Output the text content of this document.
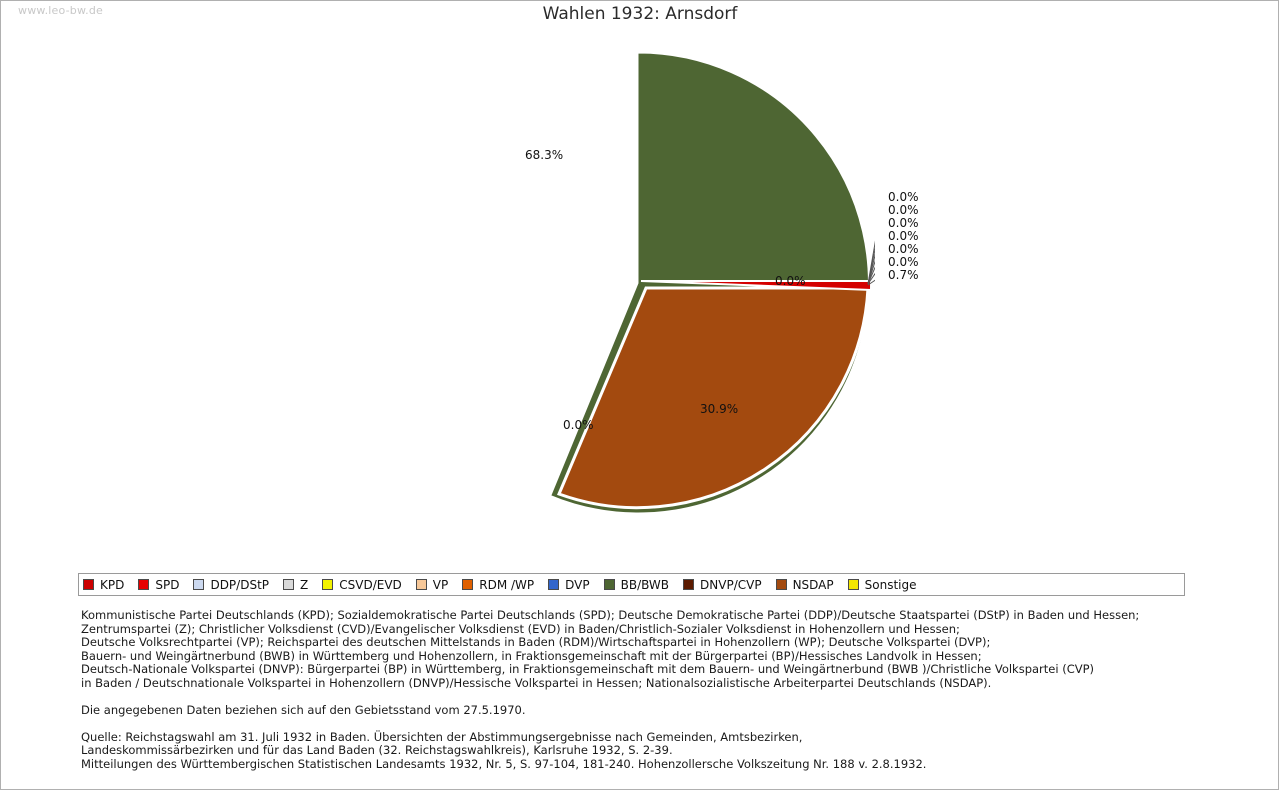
www.leo-bw.de	Wahlen 1932: Arnsdorf
68.3%
30.9%
0.0%
0.0%
0.0%
0.0%
0.0%
0.0%
0.0%
0.0%
0.7%
KPD	SPD	DDP/DStP	Z	CSVD/EVD	VP	RDM /WP	DVP	BB/BWB	DNVP/CVP	NSDAP	Sonstige

Kommunistische Partei Deutschlands (KPD); Sozialdemokratische Partei Deutschlands (SPD); Deutsche Demokratische Partei (DDP)/Deutsche Staatspartei (DStP) in Baden und Hessen;

Zentrumspartei (Z); Christlicher Volksdienst (CVD)/Evangelischer Volksdienst (EVD) in Baden/Christlich-Sozialer Volksdienst in Hohenzollern und Hessen;

Deutsche Volksrechtpartei (VP); Reichspartei des deutschen Mittelstands in Baden (RDM)/Wirtschaftspartei in Hohenzollern (WP); Deutsche Volkspartei (DVP);

Bauern- und Weingärtnerbund (BWB) in Württemberg und Hohenzollern, in Fraktionsgemeinschaft mit der Bürgerpartei (BP)/Hessisches Landvolk in Hessen;

Deutsch-Nationale Volkspartei (DNVP): Bürgerpartei (BP) in Württemberg, in Fraktionsgemeinschaft mit dem Bauern- und Weingärtnerbund (BWB )/Christliche Volkspartei (CVP)

in Baden / Deutschnationale Volkspartei in Hohenzollern (DNVP)/Hessische Volkspartei in Hessen; Nationalsozialistische Arbeiterpartei Deutschlands (NSDAP).

Die angegebenen Daten beziehen sich auf den Gebietsstand vom 27.5.1970.

Quelle: Reichstagswahl am 31. Juli 1932 in Baden. Übersichten der Abstimmungsergebnisse nach Gemeinden, Amtsbezirken,

Landeskommissärbezirken und für das Land Baden (32. Reichstagswahlkreis), Karlsruhe 1932, S. 2-39.

Mitteilungen des Württembergischen Statistischen Landesamts 1932, Nr. 5, S. 97-104, 181-240. Hohenzollersche Volkszeitung Nr. 188 v. 2.8.1932.
